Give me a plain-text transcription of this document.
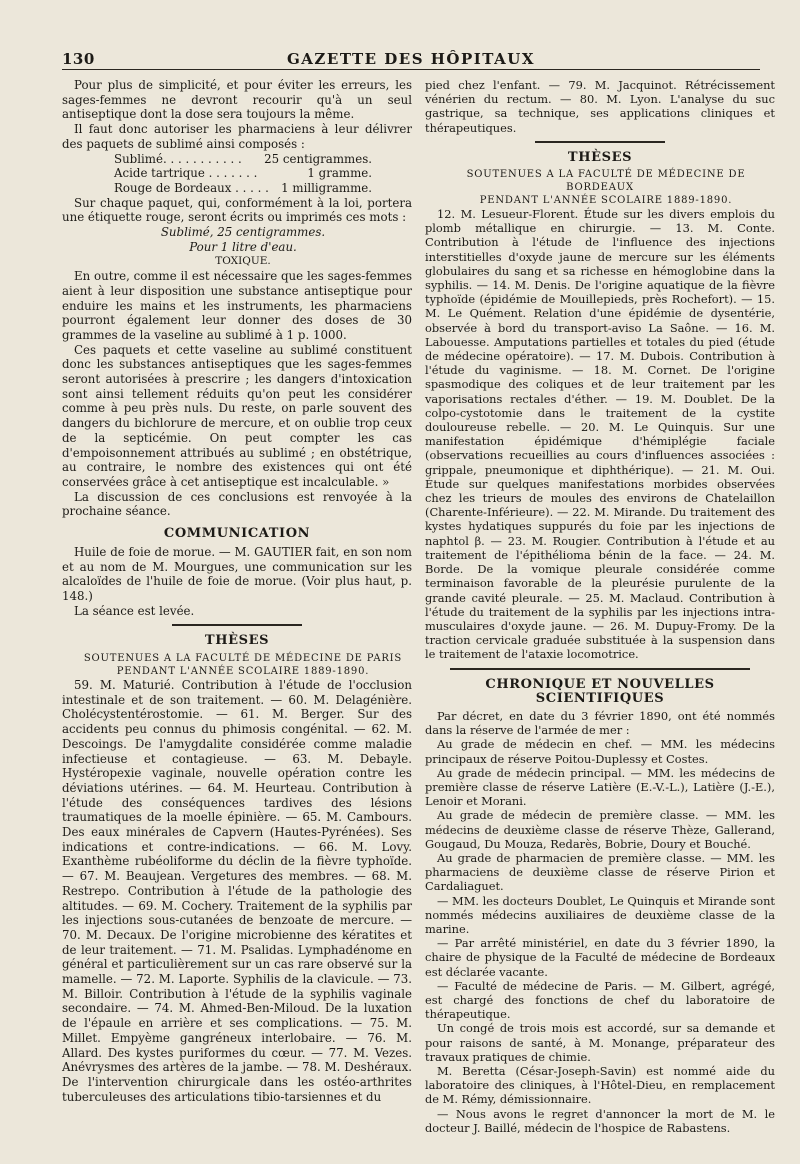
130	GAZETTE DES HÔPITAUX

Pour plus de simplicité, et pour éviter les erreurs, les sages-femmes ne devront recourir qu'à un seul antiseptique dont la dose sera toujours la même.

Il faut donc autoriser les pharmaciens à leur délivrer des paquets de sublimé ainsi composés :

Sublimé. . . . . . . . . . .	25 centigrammes.

Acide tartrique . . . . . . .	1 gramme.

Rouge de Bordeaux . . . . .	1 milligramme.

Sur chaque paquet, qui, conformément à la loi, portera une étiquette rouge, seront écrits ou imprimés ces mots :

Sublimé, 25 centigrammes.

Pour 1 litre d'eau.

TOXIQUE.

En outre, comme il est nécessaire que les sages-femmes aient à leur disposition une substance antiseptique pour enduire les mains et les instruments, les pharmaciens pourront également leur donner des doses de 30 grammes de la vaseline au sublimé à 1 p. 1000.

Ces paquets et cette vaseline au sublimé constituent donc les substances antiseptiques que les sages-femmes seront autorisées à prescrire ; les dangers d'intoxication sont ainsi tellement réduits qu'on peut les considérer comme à peu près nuls. Du reste, on parle souvent des dangers du bichlorure de mercure, et on oublie trop ceux de la septicémie. On peut compter les cas d'empoisonnement attribués au sublimé ; en obstétrique, au contraire, le nombre des existences qui ont été conservées grâce à cet antiseptique est incalculable. »

La discussion de ces conclusions est renvoyée à la prochaine séance.

COMMUNICATION

Huile de foie de morue. — M. GAUTIER fait, en son nom et au nom de M. Mourgues, une communication sur les alcaloïdes de l'huile de foie de morue. (Voir plus haut, p. 148.)

La séance est levée.

THÈSES

SOUTENUES A LA FACULTÉ DE MÉDECINE DE PARIS

PENDANT L'ANNÉE SCOLAIRE 1889-1890.

59. M. Maturié. Contribution à l'étude de l'occlusion intestinale et de son traitement. — 60. M. Delagénière. Cholécystentérostomie. — 61. M. Berger. Sur des accidents peu connus du phimosis congénital. — 62. M. Descoings. De l'amygdalite considérée comme maladie infectieuse et contagieuse. — 63. M. Debayle. Hystéropexie vaginale, nouvelle opération contre les déviations utérines. — 64. M. Heurteau. Contribution à l'étude des conséquences tardives des lésions traumatiques de la moelle épinière. — 65. M. Cambours. Des eaux minérales de Capvern (Hautes-Pyrénées). Ses indications et contre-indications. — 66. M. Lovy. Exanthème rubéoliforme du déclin de la fièvre typhoïde. — 67. M. Beaujean. Vergetures des membres. — 68. M. Restrepo. Contribution à l'étude de la pathologie des altitudes. — 69. M. Cochery. Traitement de la syphilis par les injections sous-cutanées de benzoate de mercure. — 70. M. Decaux. De l'origine microbienne des kératites et de leur traitement. — 71. M. Psalidas. Lymphadénome en général et particulièrement sur un cas rare observé sur la mamelle. — 72. M. Laporte. Syphilis de la clavicule. — 73. M. Billoir. Contribution à l'étude de la syphilis vaginale secondaire. — 74. M. Ahmed-Ben-Miloud. De la luxation de l'épaule en arrière et ses complications. — 75. M. Millet. Empyème gangréneux interlobaire. — 76. M. Allard. Des kystes puriformes du cœur. — 77. M. Vezes. Anévrysmes des artères de la jambe. — 78. M. Deshéraux. De l'intervention chirurgicale dans les ostéo-arthrites tuberculeuses des articulations tibio-tarsiennes et du

pied chez l'enfant. — 79. M. Jacquinot. Rétrécissement vénérien du rectum. — 80. M. Lyon. L'analyse du suc gastrique, sa technique, ses applications cliniques et thérapeutiques.

THÈSES

SOUTENUES A LA FACULTÉ DE MÉDECINE DE BORDEAUX

PENDANT L'ANNÉE SCOLAIRE 1889-1890.

12. M. Lesueur-Florent. Étude sur les divers emplois du plomb métallique en chirurgie. — 13. M. Conte. Contribution à l'étude de l'influence des injections interstitielles d'oxyde jaune de mercure sur les éléments globulaires du sang et sa richesse en hémoglobine dans la syphilis. — 14. M. Denis. De l'origine aquatique de la fièvre typhoïde (épidémie de Mouillepieds, près Rochefort). — 15. M. Le Quément. Relation d'une épidémie de dysentérie, observée à bord du transport-aviso La Saône. — 16. M. Labouesse. Amputations partielles et totales du pied (étude de médecine opératoire). — 17. M. Dubois. Contribution à l'étude du vaginisme. — 18. M. Cornet. De l'origine spasmodique des coliques et de leur traitement par les vaporisations rectales d'éther. — 19. M. Doublet. De la colpo-cystotomie dans le traitement de la cystite douloureuse rebelle. — 20. M. Le Quinquis. Sur une manifestation épidémique d'hémiplégie faciale (observations recueillies au cours d'influences associées : grippale, pneumonique et diphthérique). — 21. M. Oui. Étude sur quelques manifestations morbides observées chez les trieurs de moules des environs de Chatelaillon (Charente-Inférieure). — 22. M. Mirande. Du traitement des kystes hydatiques suppurés du foie par les injections de naphtol β. — 23. M. Rougier. Contribution à l'étude et au traitement de l'épithélioma bénin de la face. — 24. M. Borde. De la vomique pleurale considérée comme terminaison favorable de la pleurésie purulente de la grande cavité pleurale. — 25. M. Maclaud. Contribution à l'étude du traitement de la syphilis par les injections intra-musculaires d'oxyde jaune. — 26. M. Dupuy-Fromy. De la traction cervicale graduée substituée à la suspension dans le traitement de l'ataxie locomotrice.

CHRONIQUE ET NOUVELLES SCIENTIFIQUES

Par décret, en date du 3 février 1890, ont été nommés dans la réserve de l'armée de mer :

Au grade de médecin en chef. — MM. les médecins principaux de réserve Poitou-Duplessy et Costes.

Au grade de médecin principal. — MM. les médecins de première classe de réserve Latière (E.-V.-L.), Latière (J.-E.), Lenoir et Morani.

Au grade de médecin de première classe. — MM. les médecins de deuxième classe de réserve Thèze, Gallerand, Gougaud, Du Mouza, Redarès, Bobrie, Doury et Bouché.

Au grade de pharmacien de première classe. — MM. les pharmaciens de deuxième classe de réserve Pirion et Cardaliaguet.

— MM. les docteurs Doublet, Le Quinquis et Mirande sont nommés médecins auxiliaires de deuxième classe de la marine.

— Par arrêté ministériel, en date du 3 février 1890, la chaire de physique de la Faculté de médecine de Bordeaux est déclarée vacante.

— Faculté de médecine de Paris. — M. Gilbert, agrégé, est chargé des fonctions de chef du laboratoire de thérapeutique.

Un congé de trois mois est accordé, sur sa demande et pour raisons de santé, à M. Monange, préparateur des travaux pratiques de chimie.

M. Beretta (César-Joseph-Savin) est nommé aide du laboratoire des cliniques, à l'Hôtel-Dieu, en remplacement de M. Rémy, démissionnaire.

— Nous avons le regret d'annoncer la mort de M. le docteur J. Baillé, médecin de l'hospice de Rabastens.
